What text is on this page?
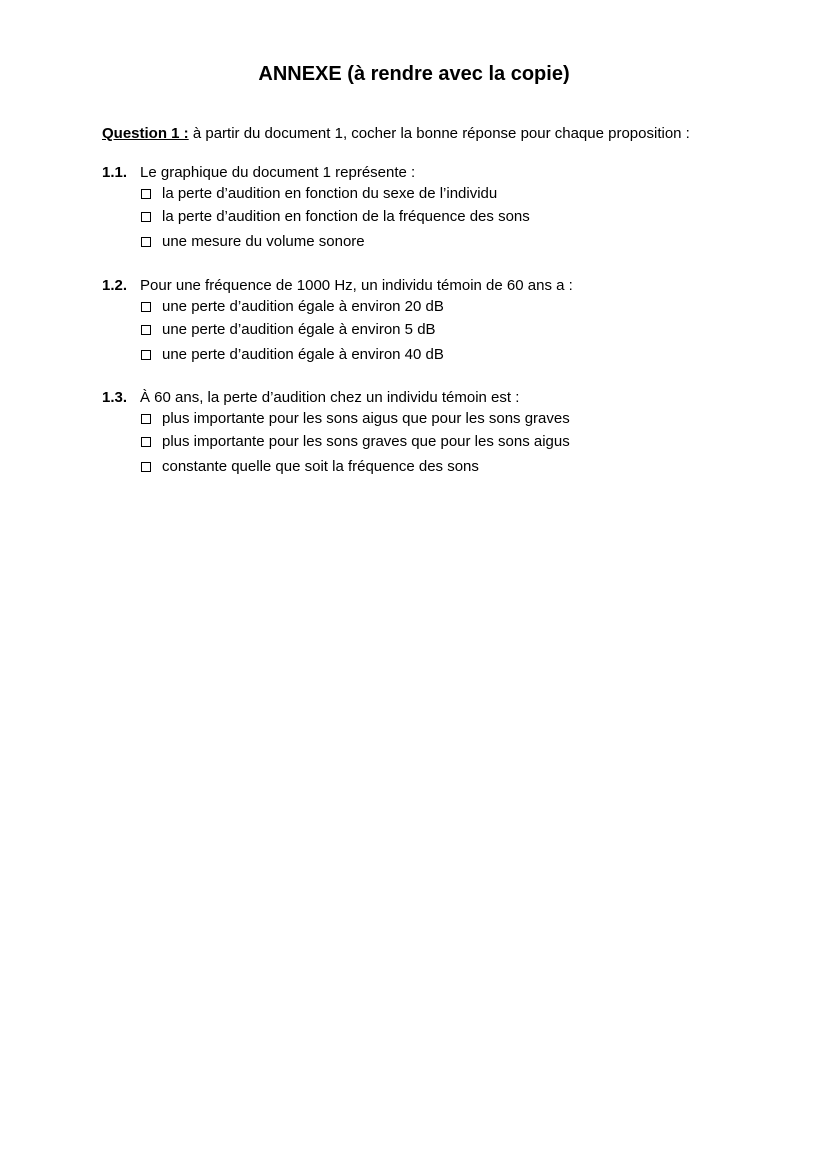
ANNEXE (à rendre avec la copie)
Question 1 : à partir du document 1, cocher la bonne réponse pour chaque proposition :
1.1. Le graphique du document 1 représente :
la perte d’audition en fonction du sexe de l’individu
la perte d’audition en fonction de la fréquence des sons
une mesure du volume sonore
1.2. Pour une fréquence de 1000 Hz, un individu témoin de 60 ans a :
une perte d’audition égale à environ 20 dB
une perte d’audition égale à environ 5 dB
une perte d’audition égale à environ 40 dB
1.3. À 60 ans, la perte d’audition chez un individu témoin est :
plus importante pour les sons aigus que pour les sons graves
plus importante pour les sons graves que pour les sons aigus
constante quelle que soit la fréquence des sons
